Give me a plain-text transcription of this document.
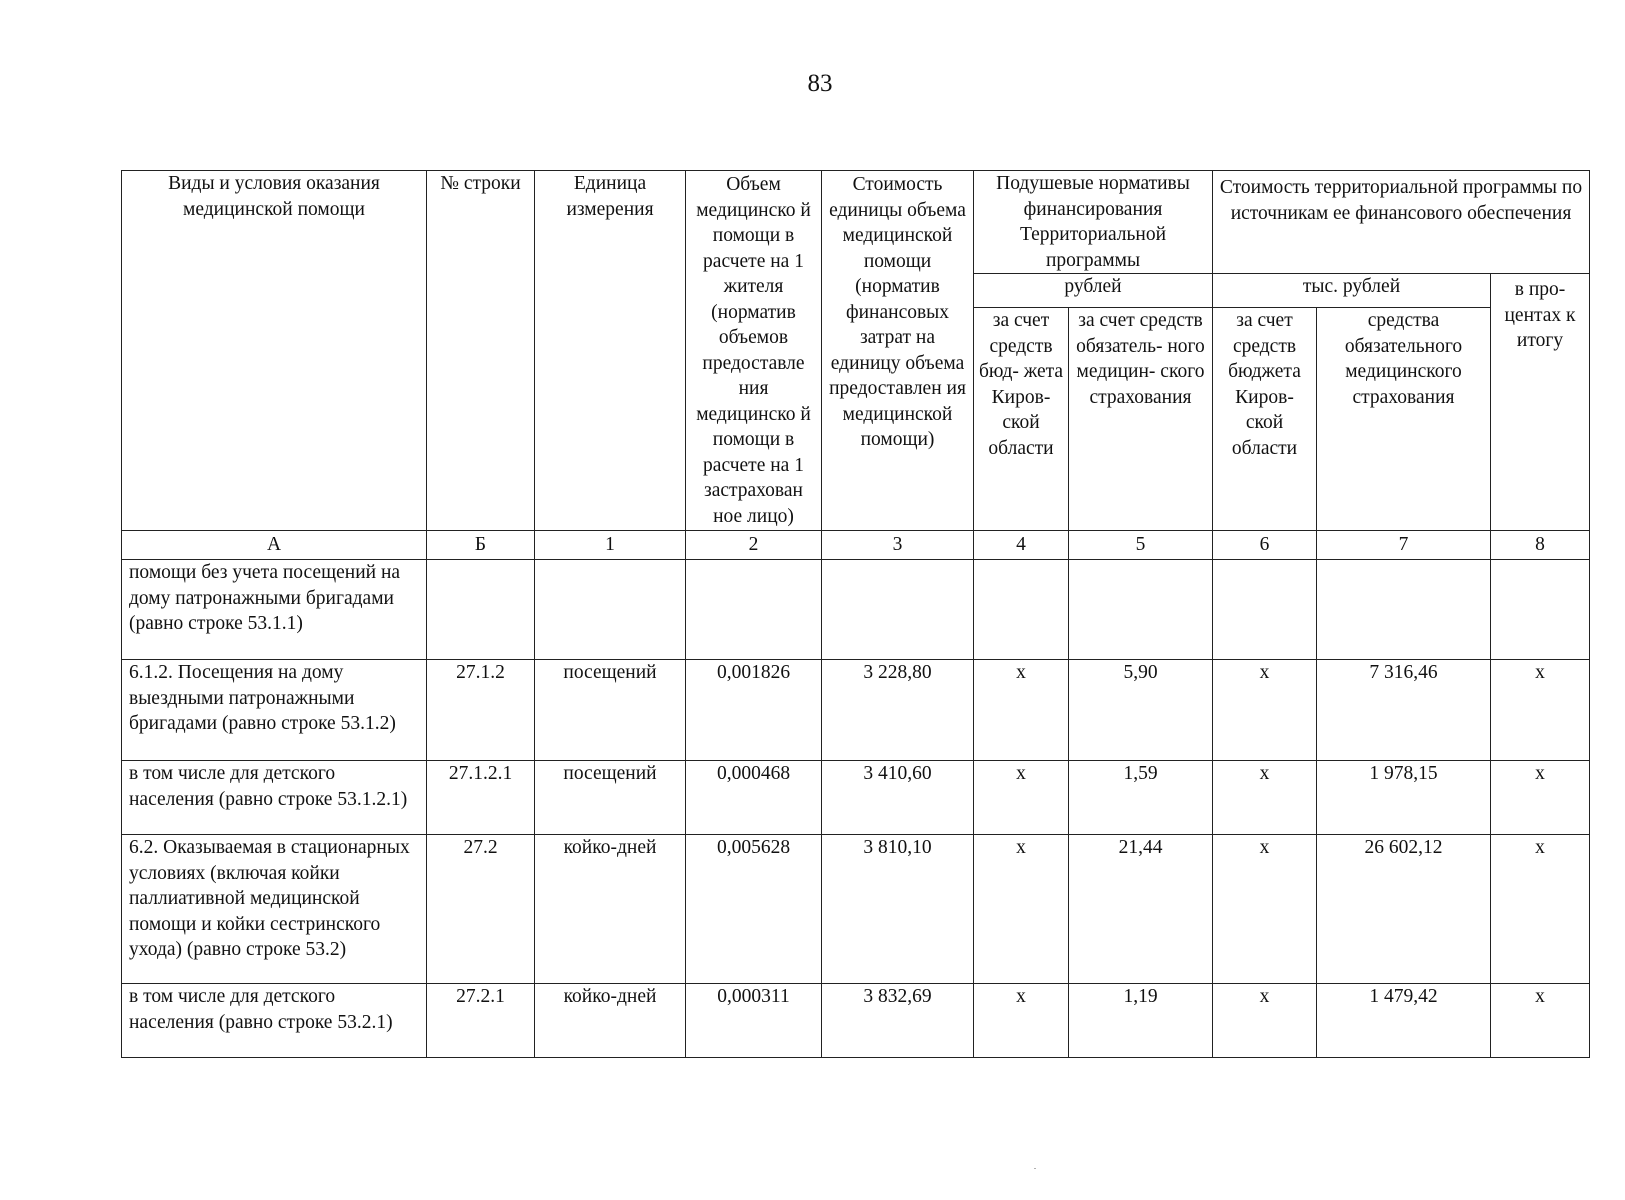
83
Виды и условия оказания медицинской помощи	№ строки	Единица измерения	Объем медицинско й помощи в расчете на 1 жителя (норматив объемов предоставле ния медицинско й помощи в расчете на 1 застрахован ное лицо)	Стоимость единицы объема медицинской помощи (норматив финансовых затрат на единицу объема предоставлен ия медицинской помощи)	Подушевые нормативы финансирования Территориальной программы		Стоимость территориальной программы по источникам ее финансового обеспечения		
					рублей		тыс. рублей		в про- центах к итогу
					за счет средств бюд- жета Киров- ской области	за счет средств обязатель- ного медицин- ского страхования	за счет средств бюджета Киров- ской области	средства обязательного медицинского страхования	
А	Б	1	2	3	4	5	6	7	8
помощи без учета посещений на дому патронажными бригадами (равно строке 53.1.1)									
6.1.2. Посещения на дому выездными патронажными бригадами (равно строке 53.1.2)	27.1.2	посещений	0,001826	3 228,80	х	5,90	х	7 316,46	х
в том числе для детского населения (равно строке 53.1.2.1)	27.1.2.1	посещений	0,000468	3 410,60	х	1,59	х	1 978,15	х
6.2. Оказываемая в стационарных условиях (включая койки паллиативной медицинской помощи и койки сестринского ухода) (равно строке 53.2)	27.2	койко-дней	0,005628	3 810,10	х	21,44	х	26 602,12	х
в том числе для детского населения (равно строке 53.2.1)	27.2.1	койко-дней	0,000311	3 832,69	х	1,19	х	1 479,42	х
